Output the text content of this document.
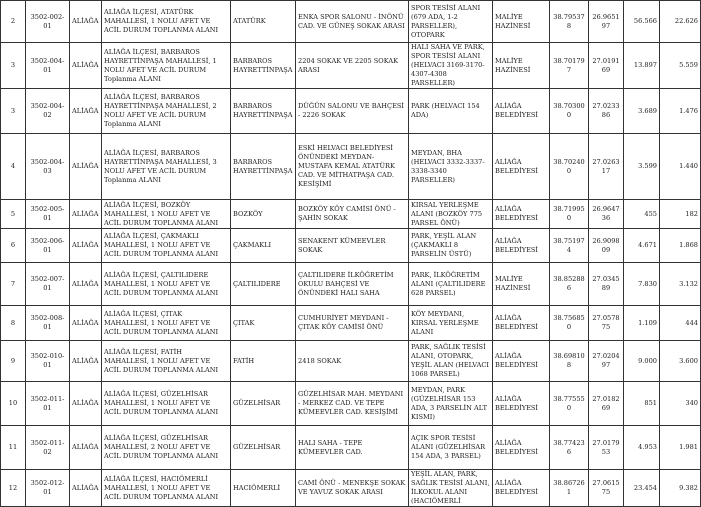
2	3502-002-01	ALİAĞA	ALİAĞA İLÇESİ, ATATÜRK MAHALLESİ, 1 NOLU AFET VE ACİL DURUM TOPLANMA ALANI	ATATÜRK	ENKA SPOR SALONU - İNÖNÜ CAD. VE GÜNEŞ SOKAK ARASI	SPOR TESİSİ ALANI (679 ADA, 1-2 PARSELLER), OTOPARK	MALİYE HAZİNESİ	38.795378	26.965197	56.566	22.626
3	3502-004-01	ALİAĞA	ALİAĞA İLÇESİ, BARBAROS HAYRETTİNPAŞA MAHALLESİ, 1 NOLU AFET VE ACİL DURUM Toplanma ALANI	BARBAROS HAYRETTİNPAŞA	2204 SOKAK VE 2205 SOKAK ARASI	HALI SAHA VE PARK, SPOR TESİSİ ALANI (HELVACI 3169-3170-4307-4308 PARSELLER)	MALİYE HAZİNESİ	38.701797	27.019169	13.897	5.559
3	3502-004-02	ALİAĞA	ALİAĞA İLÇESİ, BARBAROS HAYRETTİNPAŞA MAHALLESİ, 2 NOLU AFET VE ACİL DURUM Toplanma ALANI	BARBAROS HAYRETTİNPAŞA	DÜĞÜN SALONU VE BAHÇESİ - 2226 SOKAK	PARK (HELVACI 154 ADA)	ALİAĞA BELEDİYESİ	38.703000	27.023386	3.689	1.476
4	3502-004-03	ALİAĞA	ALİAĞA İLÇESİ, BARBAROS HAYRETTİNPAŞA MAHALLESİ, 3 NOLU AFET VE ACİL DURUM Toplanma ALANI	BARBAROS HAYRETTİNPAŞA	ESKİ HELVACI BELEDİYESİ ÖNÜNDEKİ MEYDAN-MUSTAFA KEMAL ATATÜRK CAD. VE MİTHATPAŞA CAD. KESİŞİMİ	MEYDAN, BHA (HELVACI 3332-3337-3338-3340 PARSELLER)	ALİAĞA BELEDİYESİ	38.702400	27.026317	3.599	1.440
5	3502-005-01	ALİAĞA	ALİAĞA İLÇESİ, BOZKÖY MAHALLESİ, 1 NOLU AFET VE ACİL DURUM TOPLANMA ALANI	BOZKÖY	BOZKÖY KÖY CAMİSİ ÖNÜ - ŞAHİN SOKAK	KIRSAL YERLEŞME ALANI (BOZKÖY 775 PARSEL ÖNÜ)	ALİAĞA BELEDİYESİ	38.719950	26.964736	455	182
6	3502-006-01	ALİAĞA	ALİAĞA İLÇESİ, ÇAKMAKLI MAHALLESİ, 1 NOLU AFET VE ACİL DURUM TOPLANMA ALANI	ÇAKMAKLI	SENAKENT KÜMEEVLER SOKAK	PARK, YEŞİL ALAN (ÇAKMAKLI 8 PARSELİN ÜSTÜ)	ALİAĞA BELEDİYESİ	38.751974	26.909809	4.671	1.868
7	3502-007-01	ALİAĞA	ALİAĞA İLÇESİ, ÇALTILIDERE MAHALLESİ, 1 NOLU AFET VE ACİL DURUM TOPLANMA ALANI	ÇALTILIDERE	ÇALTILIDERE İLKÖĞRETİM OKULU BAHÇESİ VE ÖNÜNDEKİ HALI SAHA	PARK, İLKÖĞRETİM ALANI (ÇALTILIDERE 628 PARSEL)	MALİYE HAZİNESİ	38.852886	27.034589	7.830	3.132
8	3502-008-01	ALİAĞA	ALİAĞA İLÇESİ, ÇITAK MAHALLESİ, 1 NOLU AFET VE ACİL DURUM TOPLANMA ALANI	ÇITAK	CUMHURİYET MEYDANI - ÇITAK KÖY CAMİSİ ÖNÜ	KÖY MEYDANI, KIRSAL YERLEŞME ALANI	ALİAĞA BELEDİYESİ	38.756850	27.057875	1.109	444
9	3502-010-01	ALİAĞA	ALİAĞA İLÇESİ, FATİH MAHALLESİ, 1 NOLU AFET VE ACİL DURUM TOPLANMA ALANI	FATİH	2418 SOKAK	PARK, SAĞLIK TESİSİ ALANI, OTOPARK, YEŞİL ALAN (HELVACI 1068 PARSEL)	ALİAĞA BELEDİYESİ	38.698108	27.020497	9.000	3.600
10	3502-011-01	ALİAĞA	ALİAĞA İLÇESİ, GÜZELHİSAR MAHALLESİ, 1 NOLU AFET VE ACİL DURUM TOPLANMA ALANI	GÜZELHİSAR	GÜZELHİSAR MAH. MEYDANI - MERKEZ CAD. VE TEPE KÜMEEVLER CAD. KESİŞİMİ	MEYDAN, PARK (GÜZELHİSAR 153 ADA, 3 PARSELİN ALT KISMI)	ALİAĞA BELEDİYESİ	38.775550	27.018269	851	340
11	3502-011-02	ALİAĞA	ALİAĞA İLÇESİ, GÜZELHİSAR MAHALLESİ, 2 NOLU AFET VE ACİL DURUM TOPLANMA ALANI	GÜZELHİSAR	HALI SAHA - TEPE KÜMEEVLER CAD.	AÇIK SPOR TESİSİ ALANI (GÜZELHİSAR 154 ADA, 3 PARSEL)	ALİAĞA BELEDİYESİ	38.774236	27.017953	4.953	1.981
12	3502-012-01	ALİAĞA	ALİAĞA İLÇESİ, HACIÖMERLİ MAHALLESİ, 1 NOLU AFET VE ACİL DURUM TOPLANMA ALANI	HACIÖMERLİ	CAMİ ÖNÜ - MENEKŞE SOKAK VE YAVUZ SOKAK ARASI	YEŞİL ALAN, PARK, SAĞLIK TESİSİ ALANI, İLKOKUL ALANI (HACIÖMERLİ	ALİAĞA BELEDİYESİ	38.867261	27.061575	23.454	9.382
